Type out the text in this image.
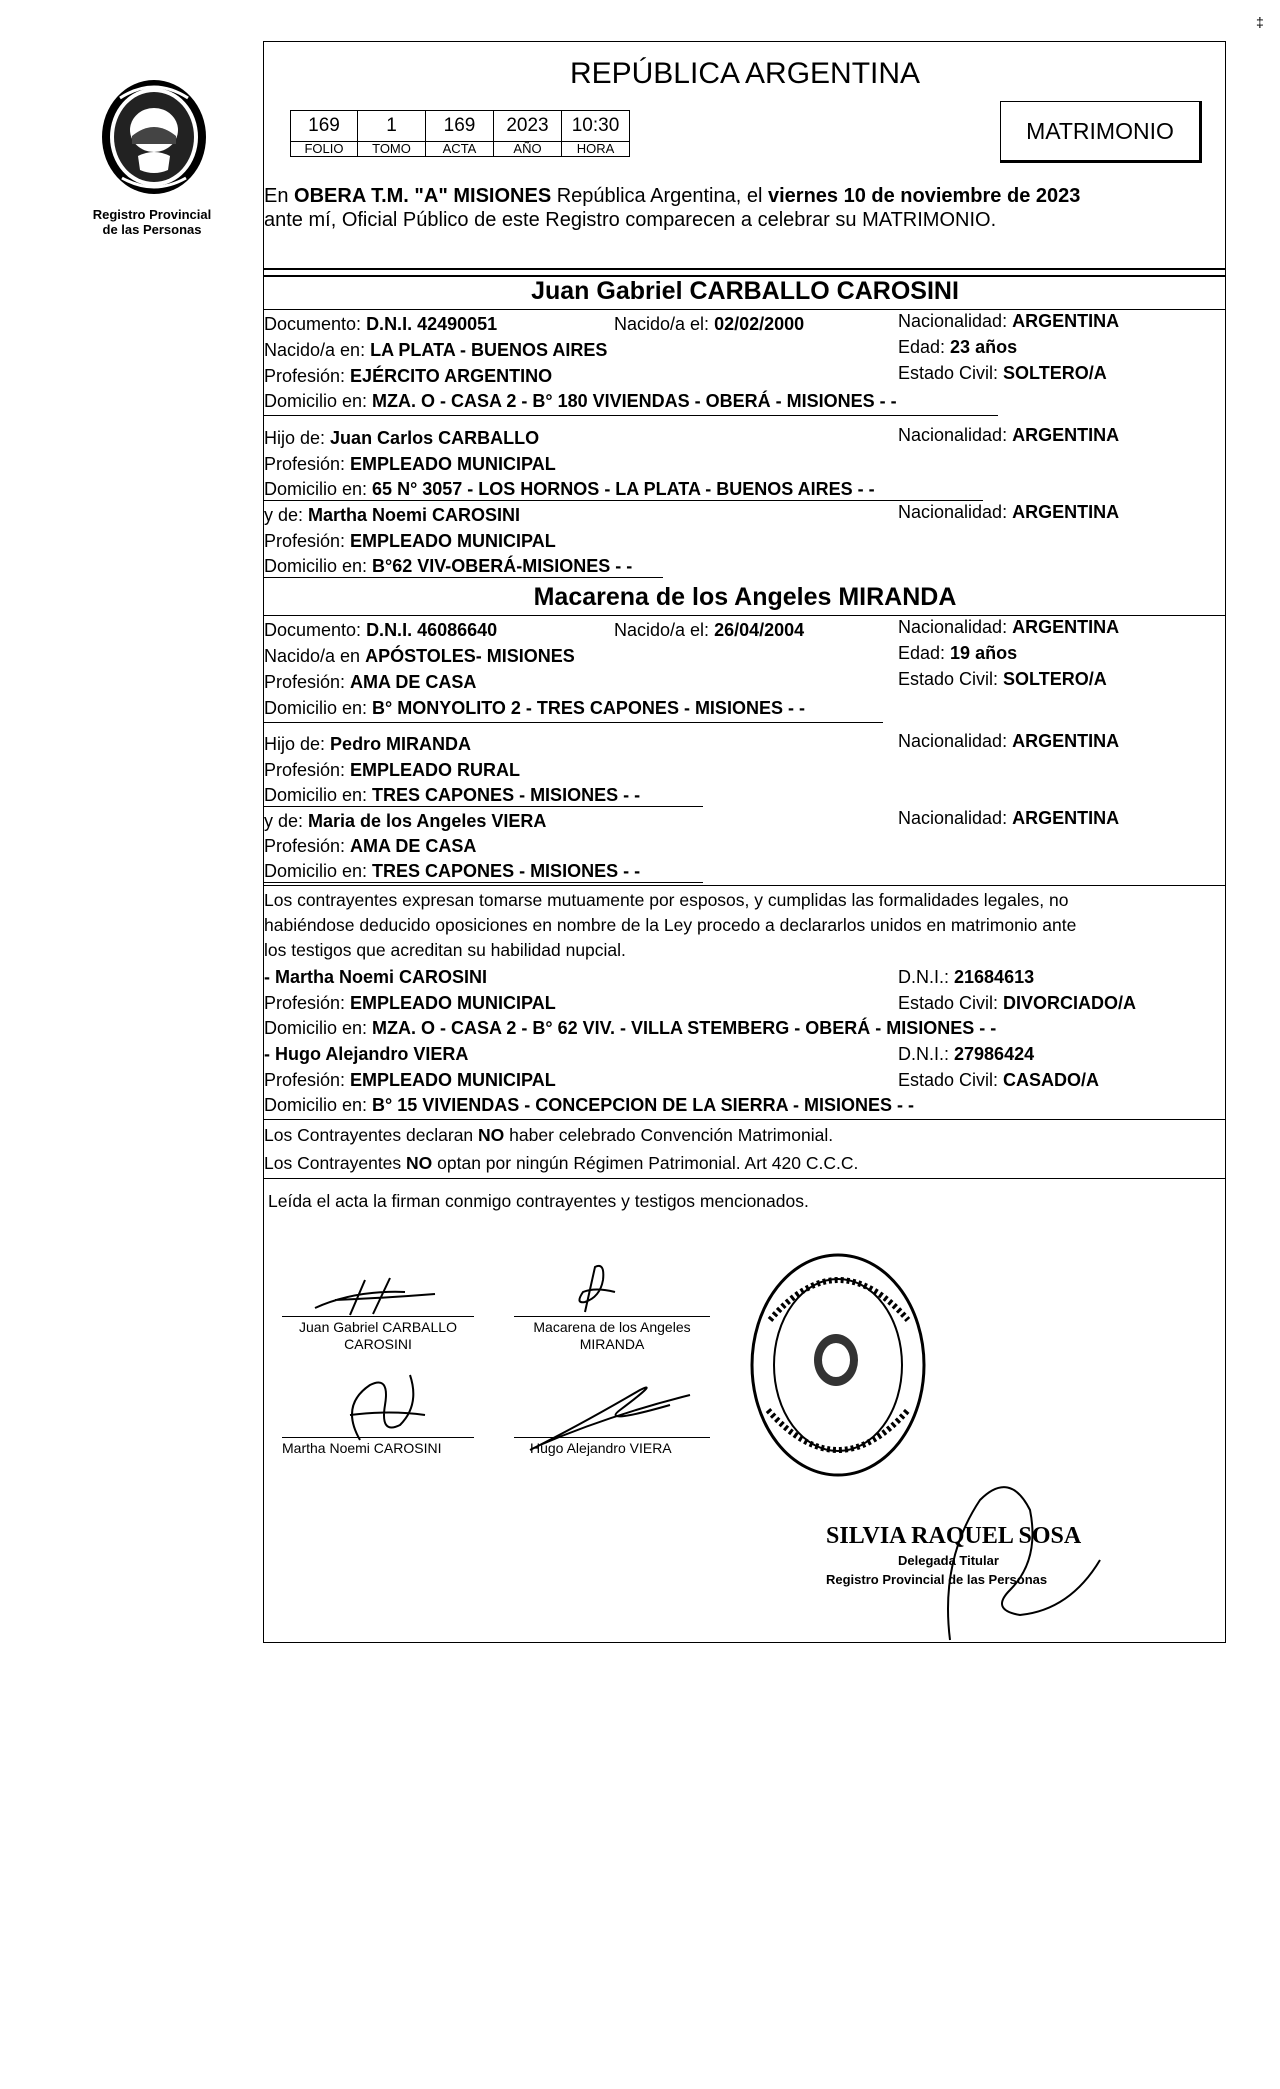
‡
Registro Provincial
de las Personas
REPÚBLICA ARGENTINA
169	1	169	2023	10:30
FOLIO	TOMO	ACTA	AÑO	HORA
MATRIMONIO
En OBERA T.M. "A" MISIONES República Argentina, el viernes 10 de noviembre de 2023
ante mí, Oficial Público de este Registro comparecen a celebrar su MATRIMONIO.
Juan Gabriel CARBALLO CAROSINI
Documento: D.N.I. 42490051	Nacido/a el: 02/02/2000	Nacionalidad: ARGENTINA
Nacido/a en: LA PLATA - BUENOS AIRES	Edad: 23 años
Profesión: EJÉRCITO ARGENTINO	Estado Civil: SOLTERO/A
Domicilio en: MZA. O - CASA 2 - B° 180 VIVIENDAS - OBERÁ - MISIONES - -
Hijo de: Juan Carlos CARBALLO	Nacionalidad: ARGENTINA
Profesión: EMPLEADO MUNICIPAL
Domicilio en: 65 N° 3057 - LOS HORNOS - LA PLATA - BUENOS AIRES - -
y de: Martha Noemi CAROSINI	Nacionalidad: ARGENTINA
Profesión: EMPLEADO MUNICIPAL
Domicilio en: B°62 VIV-OBERÁ-MISIONES - -
Macarena de los Angeles MIRANDA
Documento: D.N.I. 46086640	Nacido/a el: 26/04/2004	Nacionalidad: ARGENTINA
Nacido/a en APÓSTOLES- MISIONES	Edad: 19 años
Profesión: AMA DE CASA	Estado Civil: SOLTERO/A
Domicilio en: B° MONYOLITO 2 - TRES CAPONES - MISIONES - -
Hijo de: Pedro MIRANDA	Nacionalidad: ARGENTINA
Profesión: EMPLEADO RURAL
Domicilio en: TRES CAPONES - MISIONES - -
y de: Maria de los Angeles VIERA	Nacionalidad: ARGENTINA
Profesión: AMA DE CASA
Domicilio en: TRES CAPONES - MISIONES - -
Los contrayentes expresan tomarse mutuamente por esposos, y cumplidas las formalidades legales, no
habiéndose deducido oposiciones en nombre de la Ley procedo a declararlos unidos en matrimonio ante
los testigos que acreditan su habilidad nupcial.
- Martha Noemi CAROSINI	D.N.I.: 21684613
Profesión: EMPLEADO MUNICIPAL	Estado Civil: DIVORCIADO/A
Domicilio en: MZA. O - CASA 2 - B° 62 VIV. - VILLA STEMBERG - OBERÁ - MISIONES - -
- Hugo Alejandro VIERA	D.N.I.: 27986424
Profesión: EMPLEADO MUNICIPAL	Estado Civil: CASADO/A
Domicilio en: B° 15 VIVIENDAS - CONCEPCION DE LA SIERRA - MISIONES - -
Los Contrayentes declaran NO haber celebrado Convención Matrimonial.
Los Contrayentes NO optan por ningún Régimen Patrimonial. Art 420 C.C.C.
Leída el acta la firman conmigo contrayentes y testigos mencionados.
Juan Gabriel CARBALLO
CAROSINI
Macarena de los Angeles
MIRANDA
Martha Noemi CAROSINI	Hugo Alejandro VIERA
SILVIA RAQUEL SOSA
Delegada Titular
Registro Provincial de las Personas
